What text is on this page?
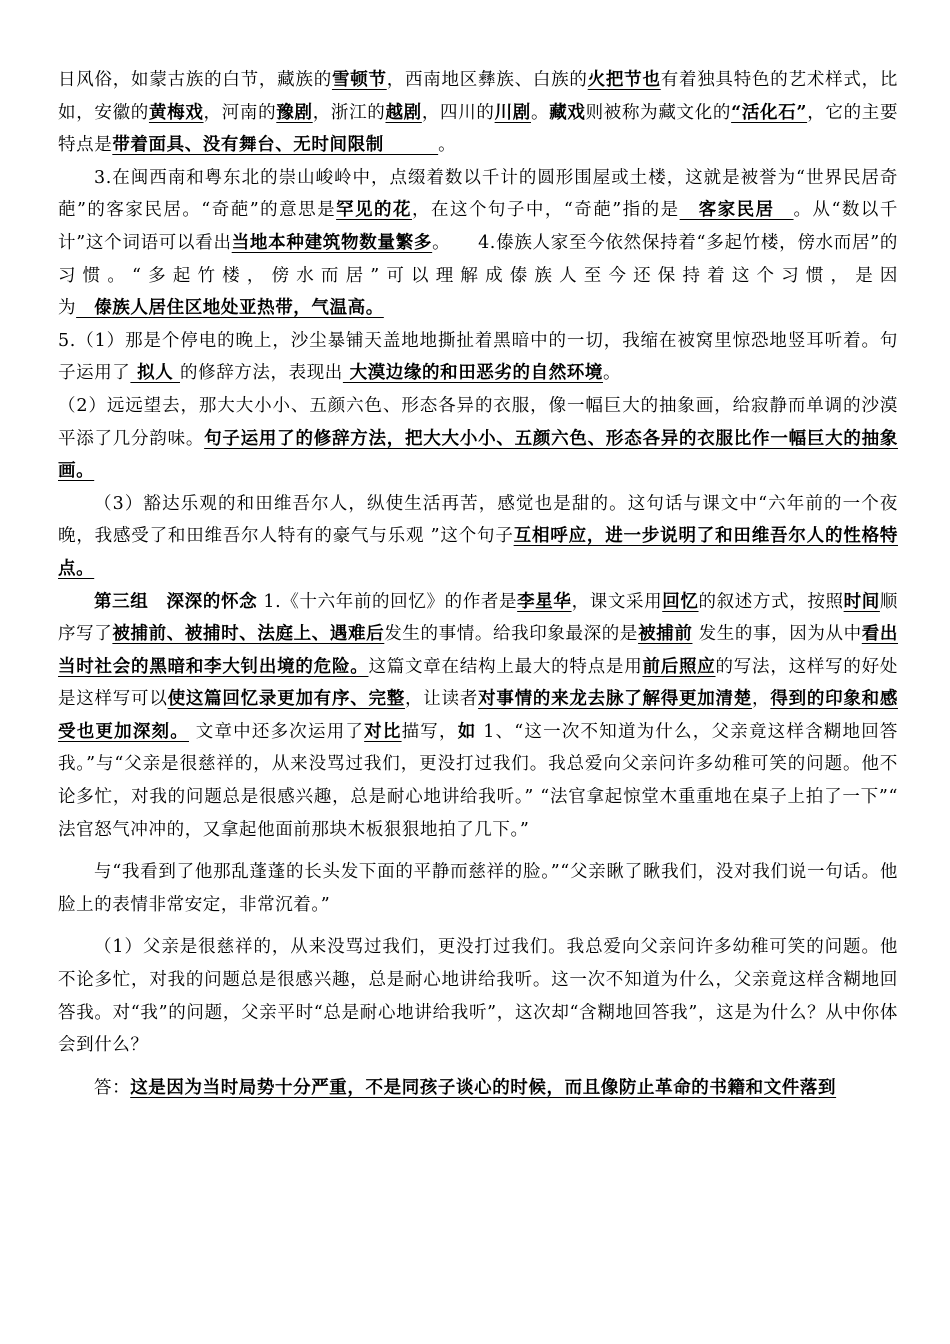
日风俗，如蒙古族的白节，藏族的雪顿节，西南地区彝族、白族的火把节也有着独具特色的艺术样式，比如，安徽的黄梅戏，河南的豫剧，浙江的越剧，四川的川剧。藏戏则被称为藏文化的“活化石”，它的主要特点是带着面具、没有舞台、无时间限制　　　。

3.在闽西南和粤东北的崇山峻岭中，点缀着数以千计的圆形围屋或土楼，这就是被誉为“世界民居奇葩”的客家民居。“奇葩”的意思是罕见的花，在这个句子中，“奇葩”指的是　客家民居　。从“数以千计”这个词语可以看出当地本种建筑物数量繁多。　　4.傣族人家至今依然保持着“多起竹楼，傍水而居”的习惯。“多起竹楼，傍水而居”可以理解成傣族人至今还保持着这个习惯，是因为　傣族人居住区地处亚热带，气温高。

5.（1）那是个停电的晚上，沙尘暴铺天盖地地撕扯着黑暗中的一切，我缩在被窝里惊恐地竖耳听着。句子运用了 拟人 的修辞方法，表现出 大漠边缘的和田恶劣的自然环境。

（2）远远望去，那大大小小、五颜六色、形态各异的衣服，像一幅巨大的抽象画，给寂静而单调的沙漠平添了几分韵味。句子运用了的修辞方法，把大大小小、五颜六色、形态各异的衣服比作一幅巨大的抽象画。

（3）豁达乐观的和田维吾尔人，纵使生活再苦，感觉也是甜的。这句话与课文中“六年前的一个夜晚，我感受了和田维吾尔人特有的豪气与乐观 ”这个句子互相呼应，进一步说明了和田维吾尔人的性格特点。

第三组　深深的怀念 1.《十六年前的回忆》的作者是李星华，课文采用回忆的叙述方式，按照时间顺序写了被捕前、被捕时、法庭上、遇难后发生的事情。给我印象最深的是被捕前 发生的事，因为从中看出当时社会的黑暗和李大钊出境的危险。这篇文章在结构上最大的特点是用前后照应的写法，这样写的好处是这样写可以使这篇回忆录更加有序、完整，让读者对事情的来龙去脉了解得更加清楚，得到的印象和感受也更加深刻。 文章中还多次运用了对比描写，如 1、“这一次不知道为什么，父亲竟这样含糊地回答我。”与“父亲是很慈祥的，从来没骂过我们，更没打过我们。我总爱向父亲问许多幼稚可笑的问题。他不论多忙，对我的问题总是很感兴趣，总是耐心地讲给我听。” “法官拿起惊堂木重重地在桌子上拍了一下”“ 法官怒气冲冲的，又拿起他面前那块木板狠狠地拍了几下。”

与“我看到了他那乱蓬蓬的长头发下面的平静而慈祥的脸。”“父亲瞅了瞅我们，没对我们说一句话。他脸上的表情非常安定，非常沉着。”

（1）父亲是很慈祥的，从来没骂过我们，更没打过我们。我总爱向父亲问许多幼稚可笑的问题。他不论多忙，对我的问题总是很感兴趣，总是耐心地讲给我听。这一次不知道为什么，父亲竟这样含糊地回答我。对“我”的问题，父亲平时“总是耐心地讲给我听”，这次却“含糊地回答我”，这是为什么？从中你体会到什么？

答：这是因为当时局势十分严重，不是同孩子谈心的时候，而且像防止革命的书籍和文件落到
